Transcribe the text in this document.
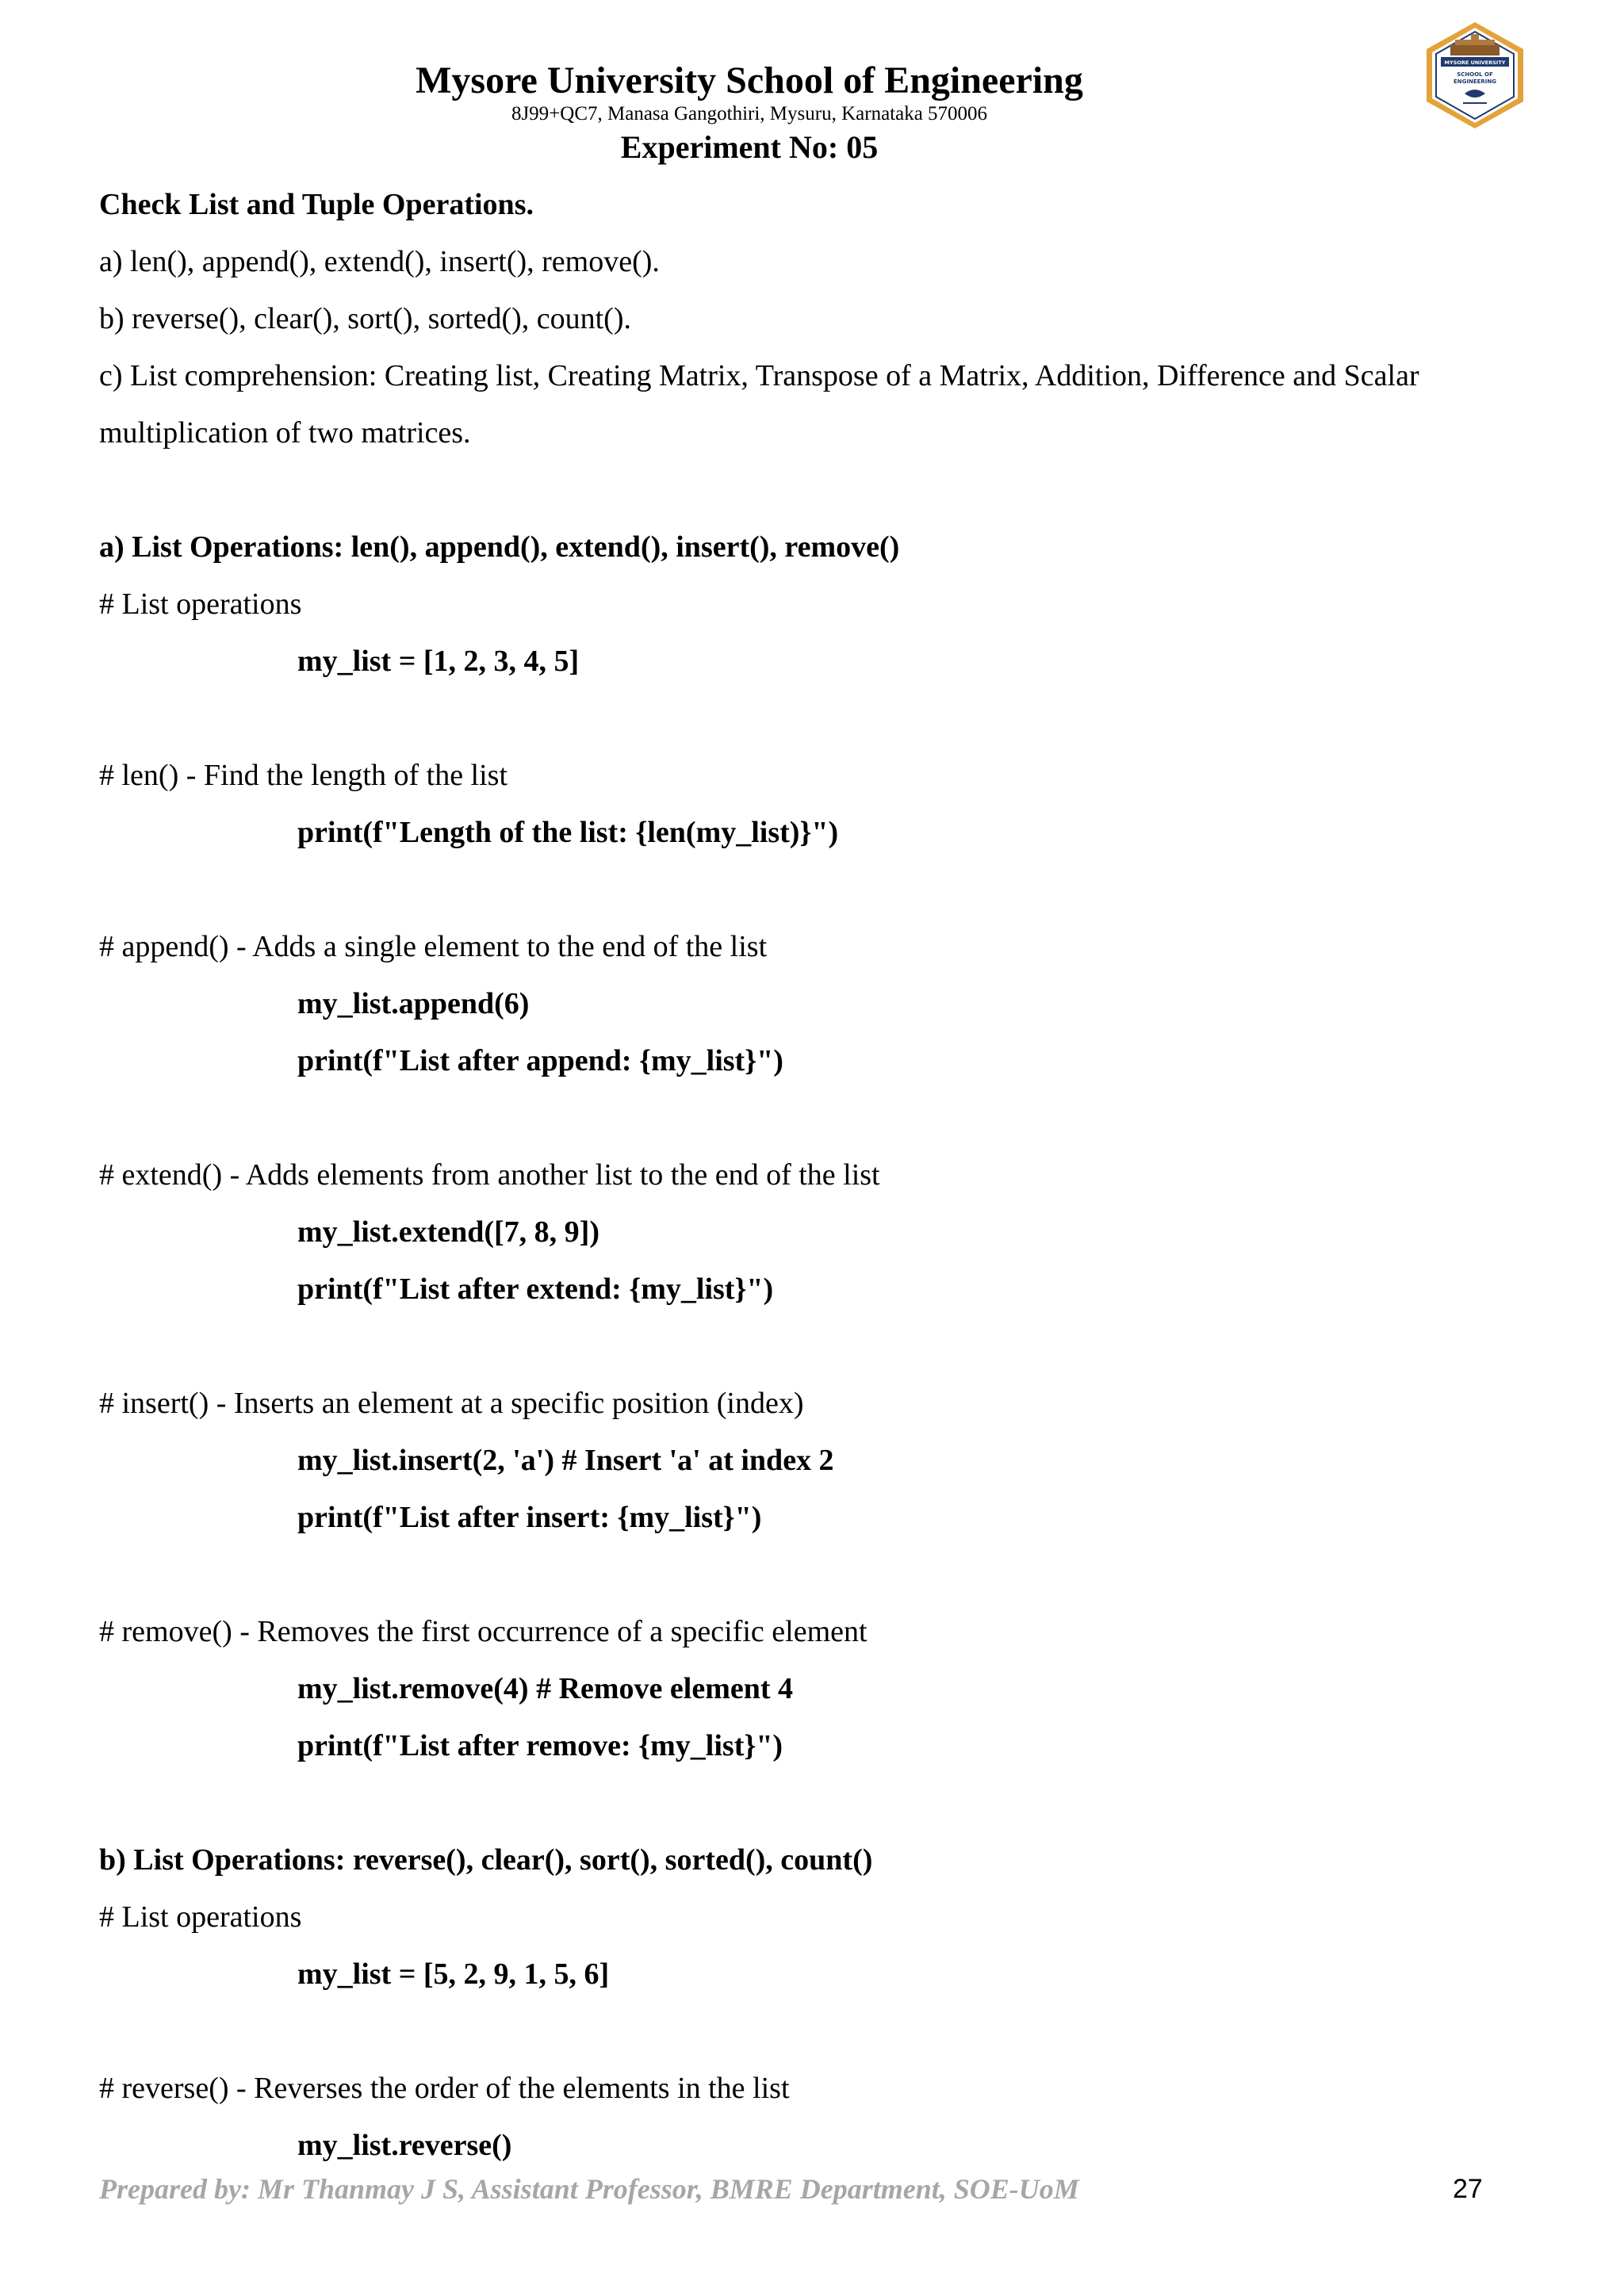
Mysore University School of Engineering
8J99+QC7, Manasa Gangothiri, Mysuru, Karnataka 570006
Experiment No: 05
MYSORE UNIVERSITY
SCHOOL OF
ENGINEERING
Check List and Tuple Operations.
a) len(), append(), extend(), insert(), remove().
b) reverse(), clear(), sort(), sorted(), count().
c) List comprehension: Creating list, Creating Matrix, Transpose of a Matrix, Addition, Difference and Scalar multiplication of two matrices.
a) List Operations: len(), append(), extend(), insert(), remove()
# List operations
my_list = [1, 2, 3, 4, 5]
# len() - Find the length of the list
print(f"Length of the list: {len(my_list)}")
# append() - Adds a single element to the end of the list
my_list.append(6)
print(f"List after append: {my_list}")
# extend() - Adds elements from another list to the end of the list
my_list.extend([7, 8, 9])
print(f"List after extend: {my_list}")
# insert() - Inserts an element at a specific position (index)
my_list.insert(2, 'a') # Insert 'a' at index 2
print(f"List after insert: {my_list}")
# remove() - Removes the first occurrence of a specific element
my_list.remove(4) # Remove element 4
print(f"List after remove: {my_list}")
b) List Operations: reverse(), clear(), sort(), sorted(), count()
# List operations
my_list = [5, 2, 9, 1, 5, 6]
# reverse() - Reverses the order of the elements in the list
my_list.reverse()
Prepared by: Mr Thanmay J S, Assistant Professor, BMRE Department, SOE-UoM	27
